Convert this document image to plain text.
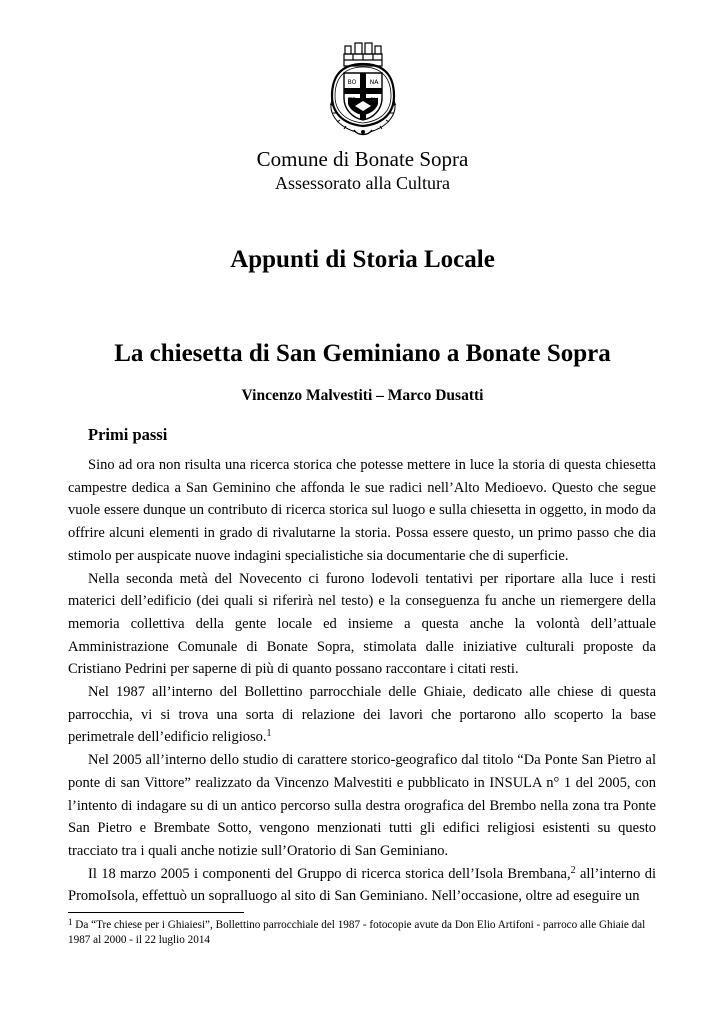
BO NA
TE SU
Comune di Bonate Sopra
Assessorato alla Cultura
Appunti di Storia Locale
La chiesetta di San Geminiano a Bonate Sopra
Vincenzo Malvestiti – Marco Dusatti
Primi passi

Sino ad ora non risulta una ricerca storica che potesse mettere in luce la storia di questa chiesetta campestre dedica a San Geminino che affonda le sue radici nell’Alto Medioevo. Questo che segue vuole essere dunque un contributo di ricerca storica sul luogo e sulla chiesetta in oggetto, in modo da offrire alcuni elementi in grado di rivalutarne la storia. Possa essere questo, un primo passo che dia stimolo per auspicate nuove indagini specialistiche sia documentarie che di superficie.

Nella seconda metà del Novecento ci furono lodevoli tentativi per riportare alla luce i resti materici dell’edificio (dei quali si riferirà nel testo) e la conseguenza fu anche un riemergere della memoria collettiva della gente locale ed insieme a questa anche la volontà dell’attuale Amministrazione Comunale di Bonate Sopra, stimolata dalle iniziative culturali proposte da Cristiano Pedrini per saperne di più di quanto possano raccontare i citati resti.

Nel 1987 all’interno del Bollettino parrocchiale delle Ghiaie, dedicato alle chiese di questa parrocchia, vi si trova una sorta di relazione dei lavori che portarono allo scoperto la base perimetrale dell’edificio religioso.$^1$

Nel 2005 all’interno dello studio di carattere storico-geografico dal titolo “Da Ponte San Pietro al ponte di san Vittore” realizzato da Vincenzo Malvestiti e pubblicato in INSULA n° 1 del 2005, con l’intento di indagare su di un antico percorso sulla destra orografica del Brembo nella zona tra Ponte San Pietro e Brembate Sotto, vengono menzionati tutti gli edifici religiosi esistenti su questo tracciato tra i quali anche notizie sull’Oratorio di San Geminiano.

Il 18 marzo 2005 i componenti del Gruppo di ricerca storica dell’Isola Brembana,$^2$ all’interno di PromoIsola, effettuò un sopralluogo al sito di San Geminiano. Nell’occasione, oltre ad eseguire un

$^1$ Da “Tre chiese per i Ghiaiesi”, Bollettino parrocchiale del 1987 - fotocopie avute da Don Elio Artifoni - parroco alle Ghiaie dal 1987 al 2000 - il 22 luglio 2014
